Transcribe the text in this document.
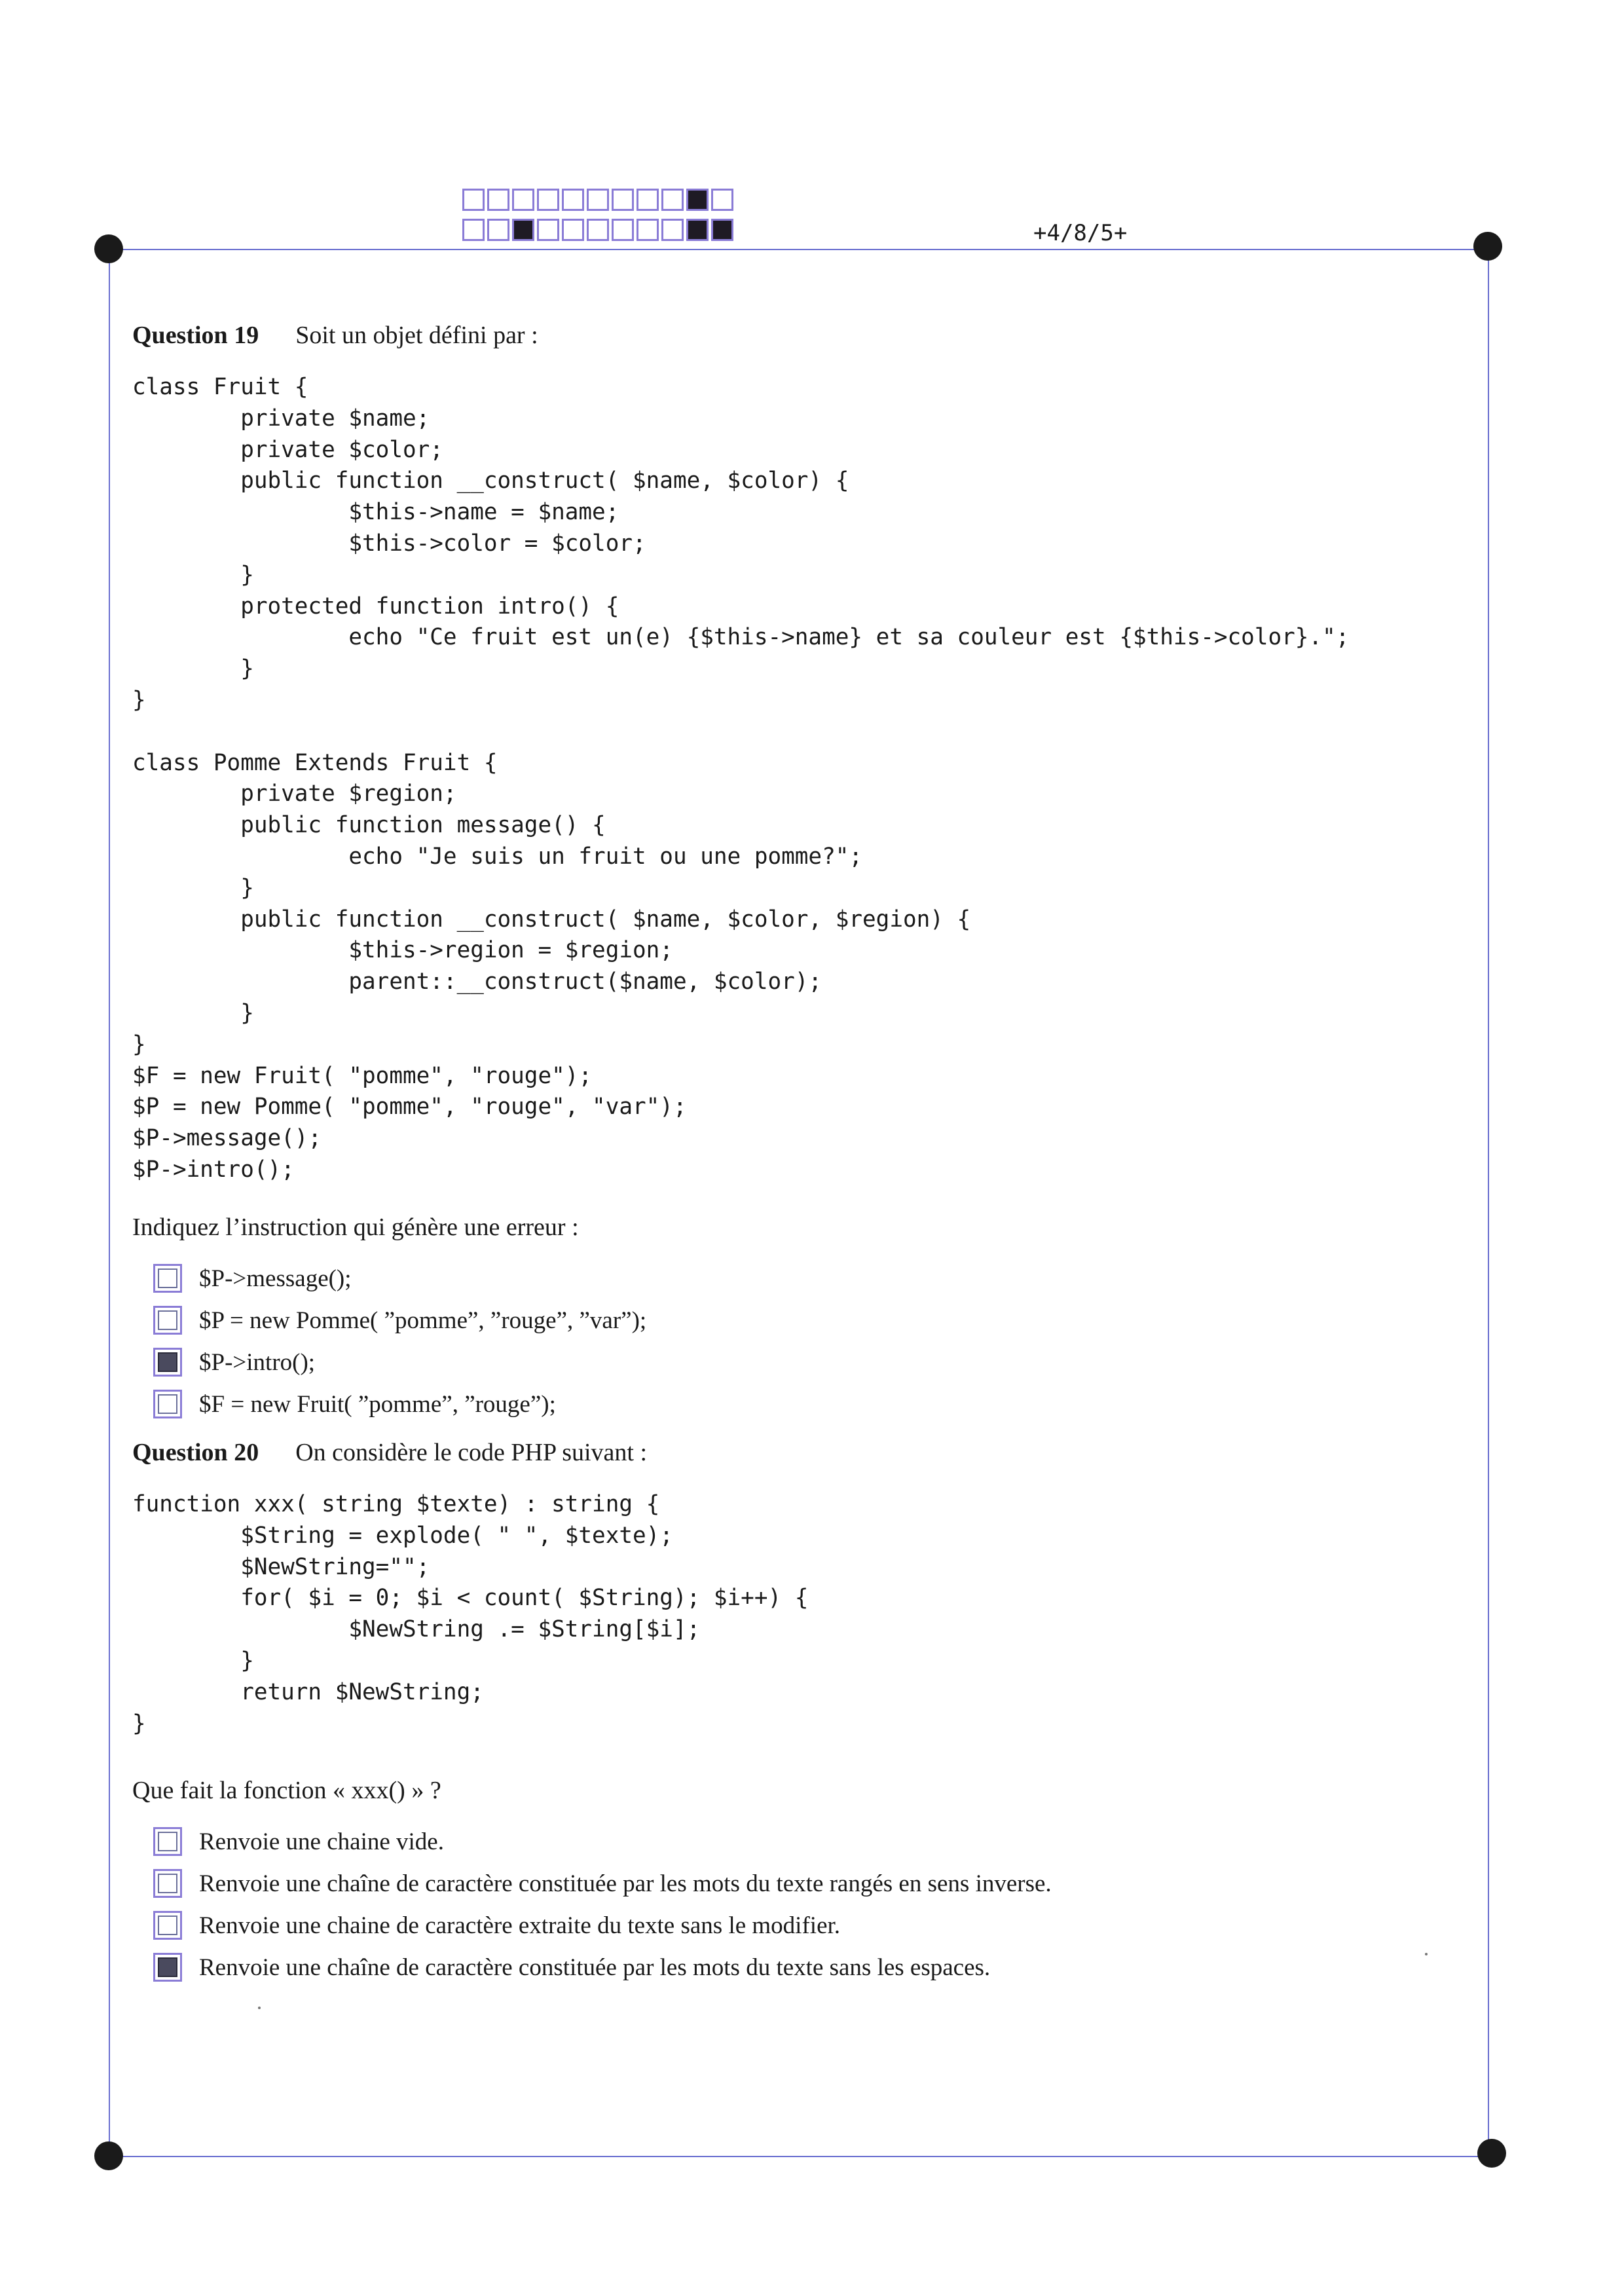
+4/8/5+
Question 19 Soit un objet défini par :
class Fruit {
private $name;
private $color;
public function __construct( $name, $color) {
$this->name = $name;
$this->color = $color;
}
protected function intro() {
echo "Ce fruit est un(e) {$this->name} et sa couleur est {$this->color}.";
}
}

class Pomme Extends Fruit {
private $region;
public function message() {
echo "Je suis un fruit ou une pomme?";
}
public function __construct( $name, $color, $region) {
$this->region = $region;
parent::__construct($name, $color);
}
}
$F = new Fruit( "pomme", "rouge");
$P = new Pomme( "pomme", "rouge", "var");
$P->message();
$P->intro();
Indiquez l’instruction qui génère une erreur :
$P->message();
$P = new Pomme( ”pomme”, ”rouge”, ”var”);
$P->intro();
$F = new Fruit( ”pomme”, ”rouge”);
Question 20 On considère le code PHP suivant :
function xxx( string $texte) : string {
$String = explode( " ", $texte);
$NewString="";
for( $i = 0; $i < count( $String); $i++) {
$NewString .= $String[$i];
}
return $NewString;
}
Que fait la fonction « xxx() » ?
Renvoie une chaine vide.
Renvoie une chaîne de caractère constituée par les mots du texte rangés en sens inverse.
Renvoie une chaine de caractère extraite du texte sans le modifier.
Renvoie une chaîne de caractère constituée par les mots du texte sans les espaces.
